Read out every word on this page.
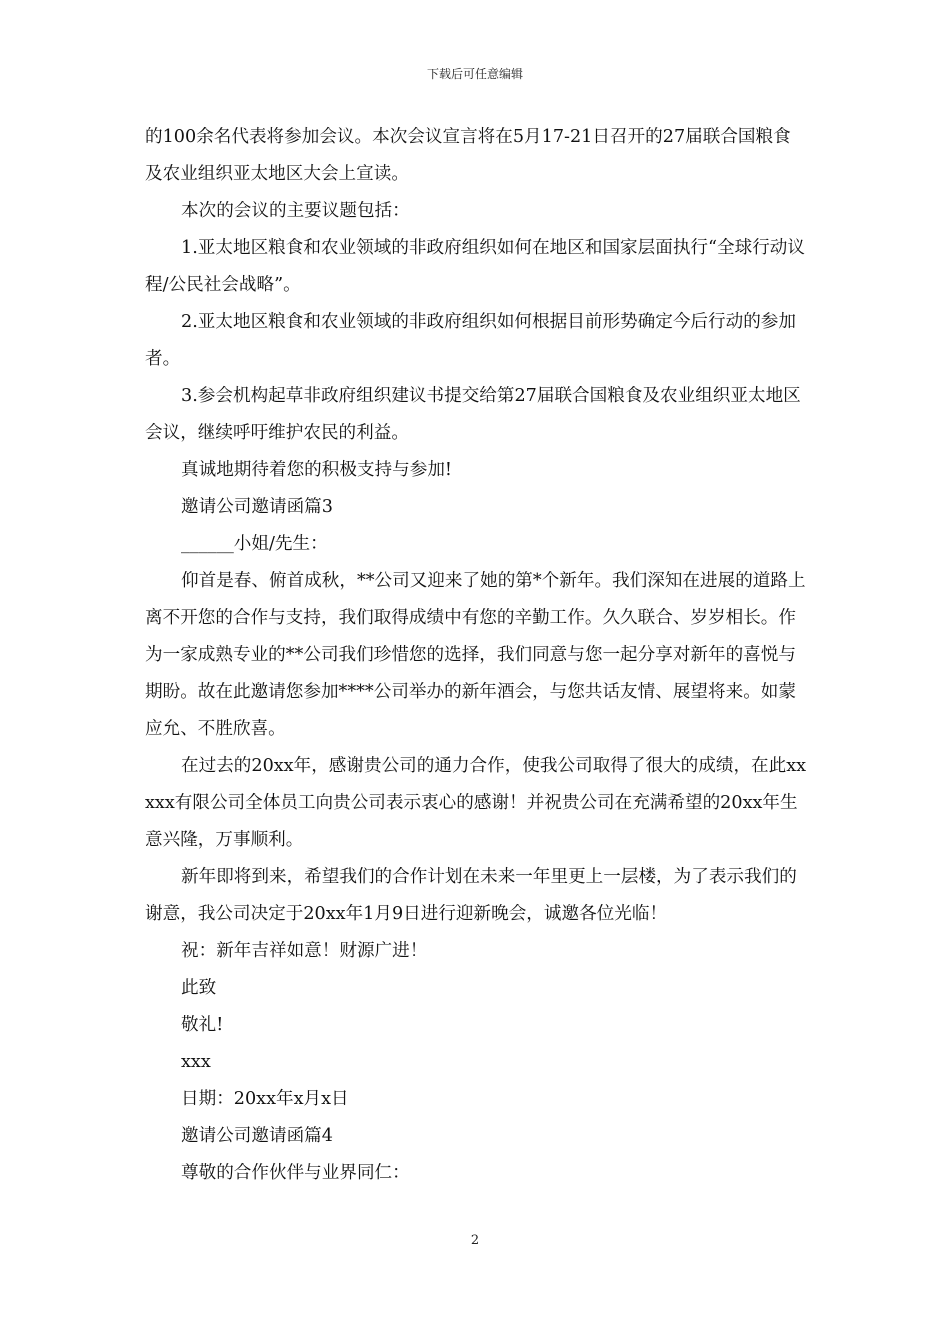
下载后可任意编辑

的100余名代表将参加会议。本次会议宣言将在5月17-21日召开的27届联合国粮食及农业组织亚太地区大会上宣读。

本次的会议的主要议题包括：

1.亚太地区粮食和农业领域的非政府组织如何在地区和国家层面执行“全球行动议程/公民社会战略”。

2.亚太地区粮食和农业领域的非政府组织如何根据目前形势确定今后行动的参加者。

3.参会机构起草非政府组织建议书提交给第27届联合国粮食及农业组织亚太地区会议，继续呼吁维护农民的利益。

真诚地期待着您的积极支持与参加!

邀请公司邀请函篇3

______小姐/先生：

仰首是春、俯首成秋，**公司又迎来了她的第*个新年。我们深知在进展的道路上离不开您的合作与支持，我们取得成绩中有您的辛勤工作。久久联合、岁岁相长。作为一家成熟专业的**公司我们珍惜您的选择，我们同意与您一起分享对新年的喜悦与期盼。故在此邀请您参加****公司举办的新年酒会，与您共话友情、展望将来。如蒙应允、不胜欣喜。

在过去的20xx年，感谢贵公司的通力合作，使我公司取得了很大的成绩，在此xxxxx有限公司全体员工向贵公司表示衷心的感谢！并祝贵公司在充满希望的20xx年生意兴隆，万事顺利。

新年即将到来，希望我们的合作计划在未来一年里更上一层楼，为了表示我们的谢意，我公司决定于20xx年1月9日进行迎新晚会，诚邀各位光临！

祝：新年吉祥如意！财源广进！

此致

敬礼!

xxx

日期：20xx年x月x日

邀请公司邀请函篇4

尊敬的合作伙伴与业界同仁：

2
